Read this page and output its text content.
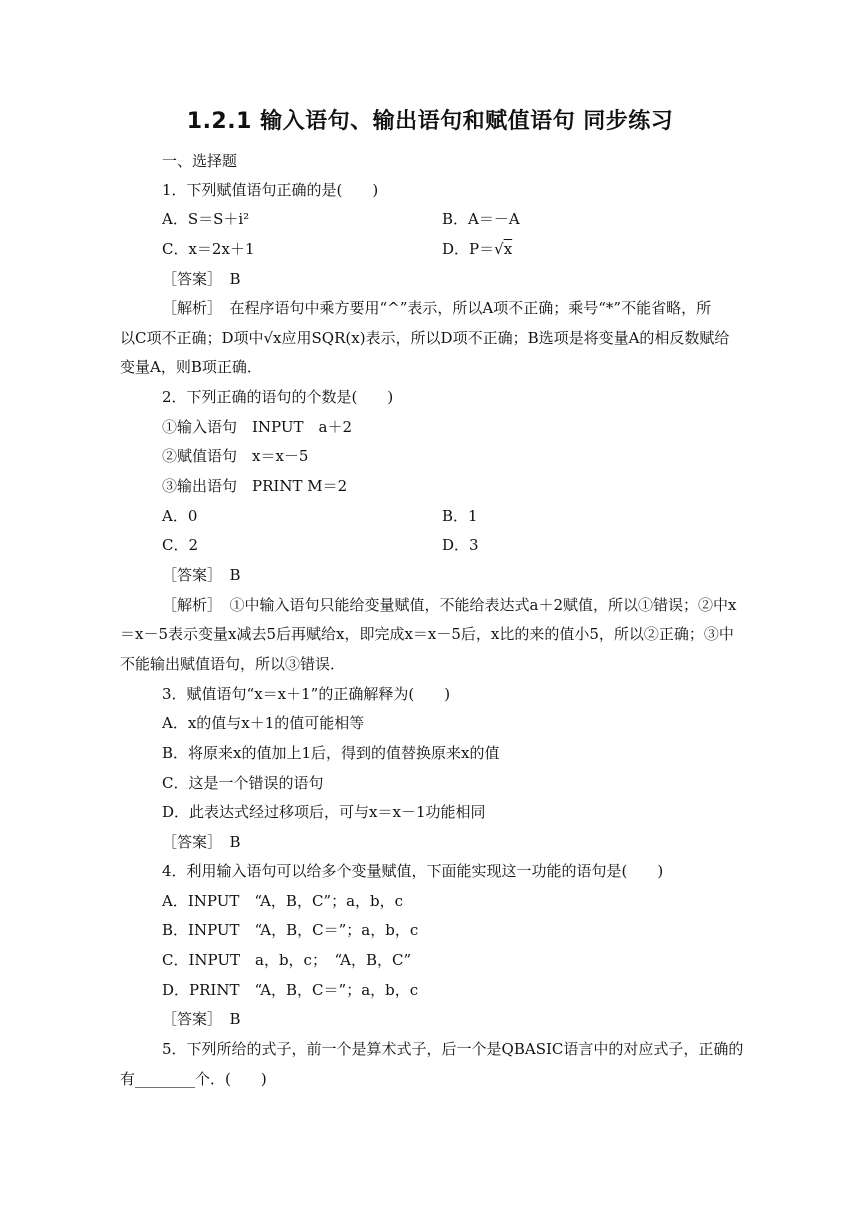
1.2.1 输入语句、输出语句和赋值语句 同步练习
一、选择题
1．下列赋值语句正确的是(　　)
A．S＝S＋i²	B．A＝－A
C．x＝2x＋1	D．P＝√x
［答案］　B
［解析］　在程序语句中乘方要用“^”表示，所以A项不正确；乘号“*”不能省略，所
以C项不正确；D项中√x应用SQR(x)表示，所以D项不正确；B选项是将变量A的相反数赋给
变量A，则B项正确．
2．下列正确的语句的个数是(　　)
①输入语句　INPUT　a＋2
②赋值语句　x＝x－5
③输出语句　PRINT M＝2
A．0	B．1
C．2	D．3
［答案］　B
［解析］　①中输入语句只能给变量赋值，不能给表达式a＋2赋值，所以①错误；②中x
＝x－5表示变量x减去5后再赋给x，即完成x＝x－5后，x比的来的值小5，所以②正确；③中
不能输出赋值语句，所以③错误．
3．赋值语句“x＝x＋1”的正确解释为(　　)
A．x的值与x＋1的值可能相等
B．将原来x的值加上1后，得到的值替换原来x的值
C．这是一个错误的语句
D．此表达式经过移项后，可与x＝x－1功能相同
［答案］　B
4．利用输入语句可以给多个变量赋值，下面能实现这一功能的语句是(　　)
A．INPUT　“A，B，C”；a，b，c
B．INPUT　“A，B，C＝”；a，b，c
C．INPUT　a，b，c；　“A，B，C”
D．PRINT　“A，B，C＝”；a，b，c
［答案］　B
5．下列所给的式子，前一个是算术式子，后一个是QBASIC语言中的对应式子，正确的
有________个．(　　)
